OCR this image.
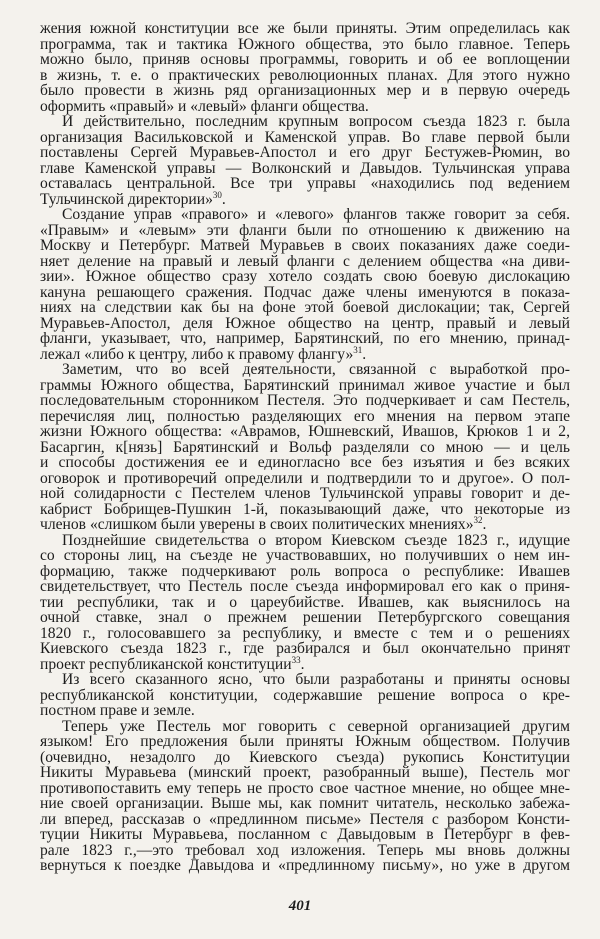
жения южной конституции все же были приняты. Этим определилась как
программа, так и тактика Южного общества, это было главное. Теперь
можно было, приняв основы программы, говорить и об ее воплощении
в жизнь, т. е. о практических революционных планах. Для этого нужно
было провести в жизнь ряд организационных мер и в первую очередь
оформить «правый» и «левый» фланги общества.
И действительно, последним крупным вопросом съезда 1823 г. была
организация Васильковской и Каменской управ. Во главе первой были
поставлены Сергей Муравьев-Апостол и его друг Бестужев-Рюмин, во
главе Каменской управы — Волконский и Давыдов. Тульчинская управа
оставалась центральной. Все три управы «находились под ведением
Тульчинской директории»$^{30}$.
Создание управ «правого» и «левого» флангов также говорит за себя.
«Правым» и «левым» эти фланги были по отношению к движению на
Москву и Петербург. Матвей Муравьев в своих показаниях даже соеди-
няет деление на правый и левый фланги с делением общества «на диви-
зии». Южное общество сразу хотело создать свою боевую дислокацию
кануна решающего сражения. Подчас даже члены именуются в показа-
ниях на следствии как бы на фоне этой боевой дислокации; так, Сергей
Муравьев-Апостол, деля Южное общество на центр, правый и левый
фланги, указывает, что, например, Барятинский, по его мнению, принад-
лежал «либо к центру, либо к правому флангу»$^{31}$.
Заметим, что во всей деятельности, связанной с выработкой про-
граммы Южного общества, Барятинский принимал живое участие и был
последовательным сторонником Пестеля. Это подчеркивает и сам Пестель,
перечисляя лиц, полностью разделяющих его мнения на первом этапе
жизни Южного общества: «Аврамов, Юшневский, Ивашов, Крюков 1 и 2,
Басаргин, к[нязь] Барятинский и Вольф разделяли со мною — и цель
и способы достижения ее и единогласно все без изъятия и без всяких
оговорок и противоречий определили и подтвердили то и другое». О пол-
ной солидарности с Пестелем членов Тульчинской управы говорит и де-
кабрист Бобрищев-Пушкин 1-й, показывающий даже, что некоторые из
членов «слишком были уверены в своих политических мнениях»$^{32}$.
Позднейшие свидетельства о втором Киевском съезде 1823 г., идущие
со стороны лиц, на съезде не участвовавших, но получивших о нем ин-
формацию, также подчеркивают роль вопроса о республике: Ивашев
свидетельствует, что Пестель после съезда информировал его как о приня-
тии республики, так и о цареубийстве. Ивашев, как выяснилось на
очной ставке, знал о прежнем решении Петербургского совещания
1820 г., голосовавшего за республику, и вместе с тем и о решениях
Киевского съезда 1823 г., где разбирался и был окончательно принят
проект республиканской конституции$^{33}$.
Из всего сказанного ясно, что были разработаны и приняты основы
республиканской конституции, содержавшие решение вопроса о кре-
постном праве и земле.
Теперь уже Пестель мог говорить с северной организацией другим
языком! Его предложения были приняты Южным обществом. Получив
(очевидно, незадолго до Киевского съезда) рукопись Конституции
Никиты Муравьева (минский проект, разобранный выше), Пестель мог
противопоставить ему теперь не просто свое частное мнение, но общее мне-
ние своей организации. Выше мы, как помнит читатель, несколько забежа-
ли вперед, рассказав о «предлинном письме» Пестеля с разбором Консти-
туции Никиты Муравьева, посланном с Давыдовым в Петербург в фев-
рале 1823 г.,—это требовал ход изложения. Теперь мы вновь должны
вернуться к поездке Давыдова и «предлинному письму», но уже в другом
401
